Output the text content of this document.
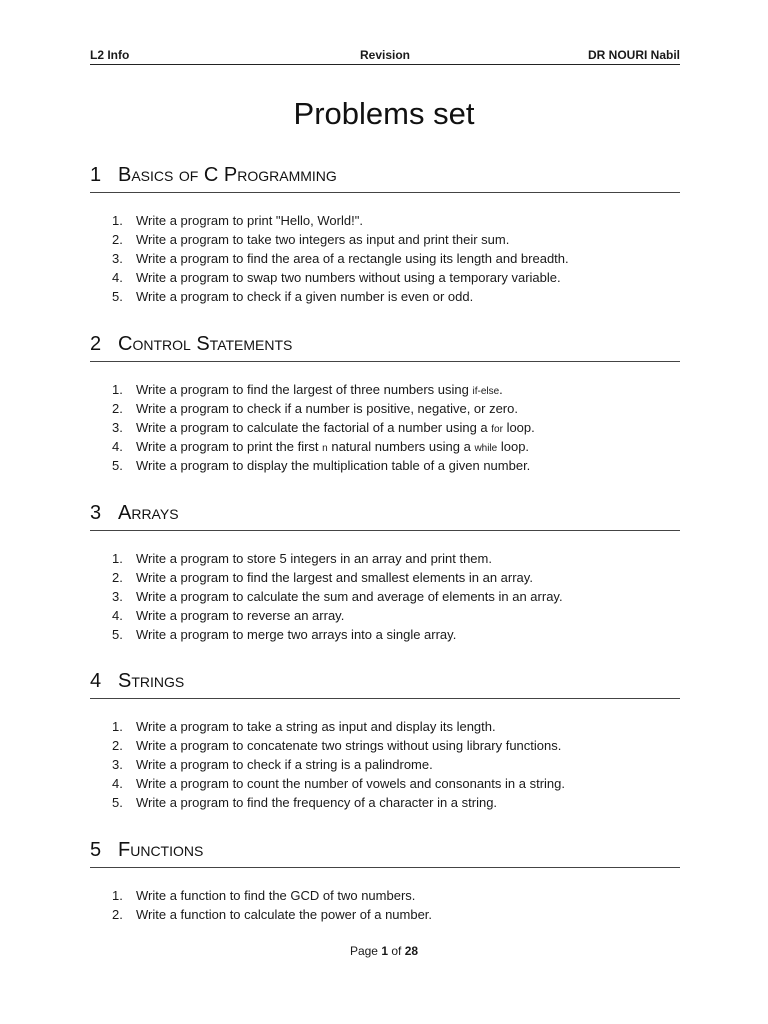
L2 Info	Revision	DR NOURI Nabil
Problems set
1 Basics of C Programming
1. Write a program to print "Hello, World!".
2. Write a program to take two integers as input and print their sum.
3. Write a program to find the area of a rectangle using its length and breadth.
4. Write a program to swap two numbers without using a temporary variable.
5. Write a program to check if a given number is even or odd.
2 Control Statements
1. Write a program to find the largest of three numbers using if-else.
2. Write a program to check if a number is positive, negative, or zero.
3. Write a program to calculate the factorial of a number using a for loop.
4. Write a program to print the first n natural numbers using a while loop.
5. Write a program to display the multiplication table of a given number.
3 Arrays
1. Write a program to store 5 integers in an array and print them.
2. Write a program to find the largest and smallest elements in an array.
3. Write a program to calculate the sum and average of elements in an array.
4. Write a program to reverse an array.
5. Write a program to merge two arrays into a single array.
4 Strings
1. Write a program to take a string as input and display its length.
2. Write a program to concatenate two strings without using library functions.
3. Write a program to check if a string is a palindrome.
4. Write a program to count the number of vowels and consonants in a string.
5. Write a program to find the frequency of a character in a string.
5 Functions
1. Write a function to find the GCD of two numbers.
2. Write a function to calculate the power of a number.
Page 1 of 28
